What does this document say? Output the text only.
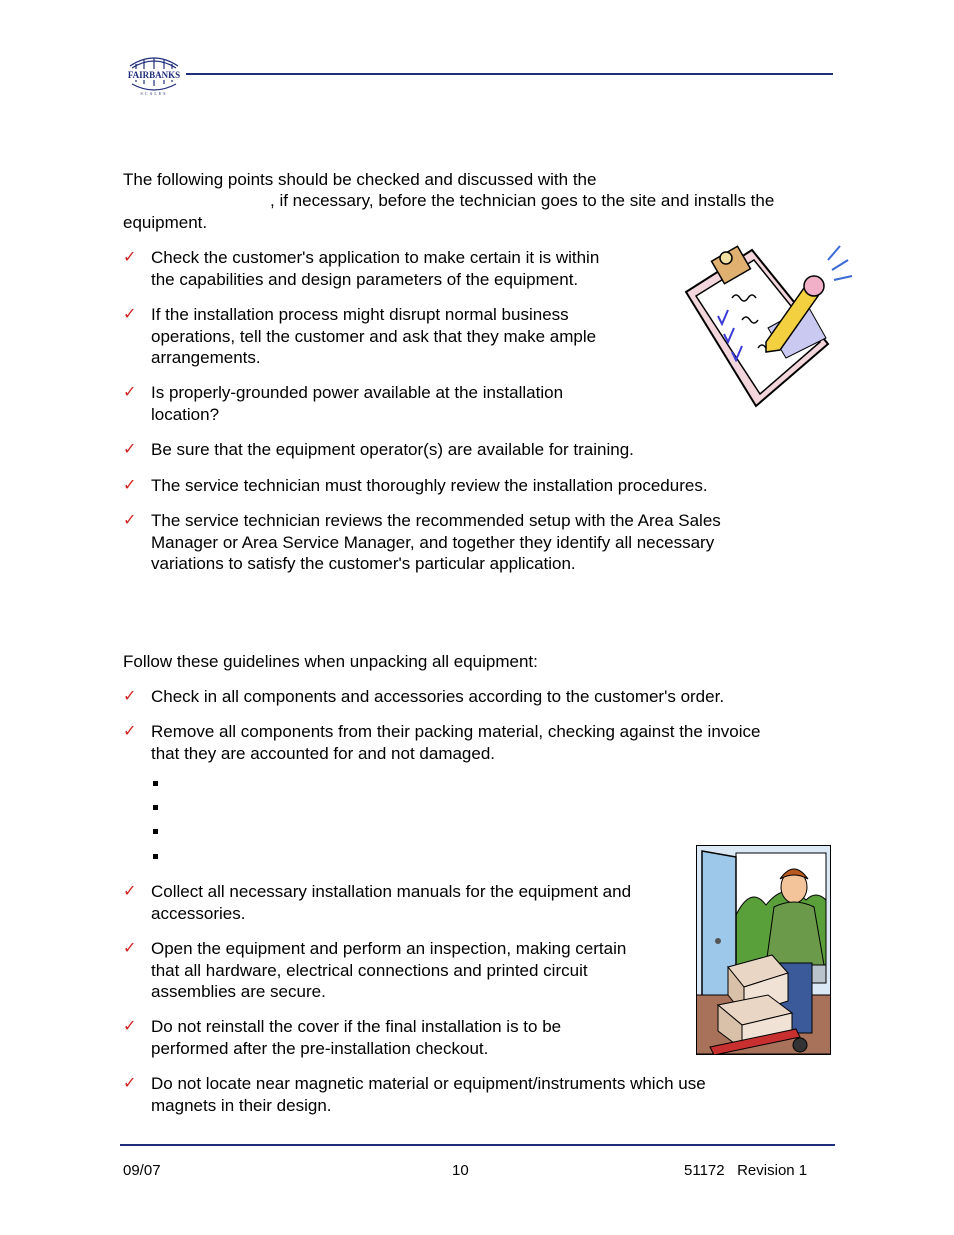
FAIRBANKS
SCALES

The following points should be checked and discussed with the

, if necessary, before the technician goes to the site and installs the

equipment.

✓ Check the customer's application to make certain it is within
the capabilities and design parameters of the equipment.
✓ If the installation process might disrupt normal business
operations, tell the customer and ask that they make ample
arrangements.
✓ Is properly-grounded power available at the installation
location?
✓ Be sure that the equipment operator(s) are available for training.
✓ The service technician must thoroughly review the installation procedures.
✓ The service technician reviews the recommended setup with the Area Sales
Manager or Area Service Manager, and together they identify all necessary
variations to satisfy the customer's particular application.

Follow these guidelines when unpacking all equipment:

✓ Check in all components and accessories according to the customer's order.
✓ Remove all components from their packing material, checking against the invoice
that they are accounted for and not damaged.
✓ Collect all necessary installation manuals for the equipment and
accessories.
✓ Open the equipment and perform an inspection, making certain
that all hardware, electrical connections and printed circuit
assemblies are secure.
✓ Do not reinstall the cover if the final installation is to be
performed after the pre-installation checkout.
✓ Do not locate near magnetic material or equipment/instruments which use
magnets in their design.
09/07	10	51172   Revision 1
